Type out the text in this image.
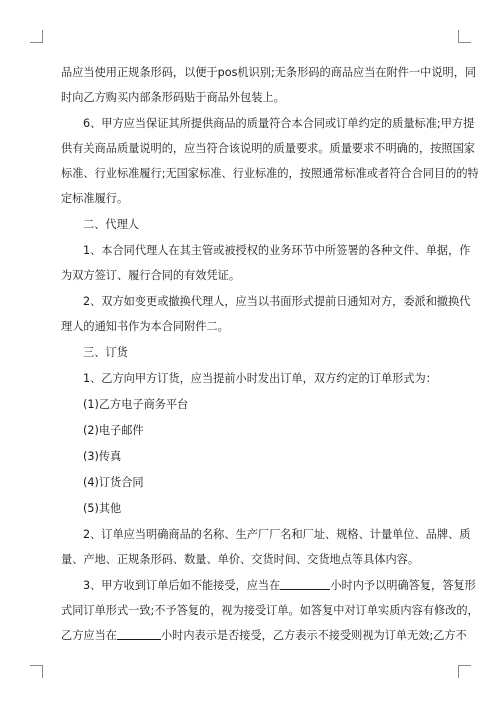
品应当使用正规条形码，以便于pos机识别;无条形码的商品应当在附件一中说明，同
时向乙方购买内部条形码贴于商品外包装上。
6、甲方应当保证其所提供商品的质量符合本合同或订单约定的质量标准;甲方提
供有关商品质量说明的，应当符合该说明的质量要求。质量要求不明确的，按照国家
标准、行业标准履行;无国家标准、行业标准的，按照通常标准或者符合合同目的的特
定标准履行。
二、代理人
1、本合同代理人在其主管或被授权的业务环节中所签署的各种文件、单据，作
为双方签订、履行合同的有效凭证。
2、双方如变更或撤换代理人，应当以书面形式提前日通知对方，委派和撤换代
理人的通知书作为本合同附件二。
三、订货
1、乙方向甲方订货，应当提前小时发出订单，双方约定的订单形式为：
(1)乙方电子商务平台
(2)电子邮件
(3)传真
(4)订货合同
(5)其他
2、订单应当明确商品的名称、生产厂厂名和厂址、规格、计量单位、品牌、质
量、产地、正规条形码、数量、单价、交货时间、交货地点等具体内容。
3、甲方收到订单后如不能接受，应当在	小时内予以明确答复，答复形
式同订单形式一致;不予答复的，视为接受订单。如答复中对订单实质内容有修改的，
乙方应当在	小时内表示是否接受，乙方表示不接受则视为订单无效;乙方不
